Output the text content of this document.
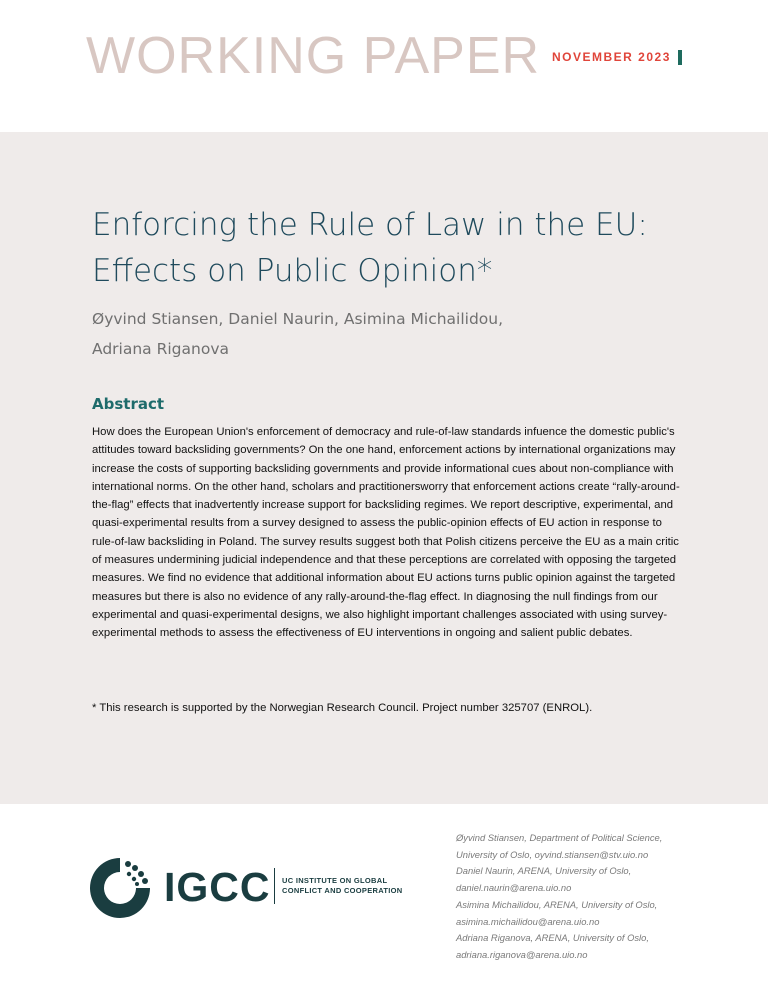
WORKING PAPER NOVEMBER 2023
Enforcing the Rule of Law in the EU:
Effects on Public Opinion*
Øyvind Stiansen, Daniel Naurin, Asimina Michailidou,
Adriana Riganova
Abstract
How does the European Union's enforcement of democracy and rule-of-law standards infuence the domestic public's attitudes toward backsliding governments? On the one hand, enforcement actions by international organizations may increase the costs of supporting backsliding governments and provide informational cues about non-compliance with international norms. On the other hand, scholars and practitionersworry that enforcement actions create “rally-around-the-flag” effects that inadvertently increase support for backsliding regimes. We report descriptive, experimental, and quasi-experimental results from a survey designed to assess the public-opinion effects of EU action in response to rule-of-law backsliding in Poland. The survey results suggest both that Polish citizens perceive the EU as a main critic of measures undermining judicial independence and that these perceptions are correlated with opposing the targeted measures. We find no evidence that additional information about EU actions turns public opinion against the targeted measures but there is also no evidence of any rally-around-the-flag effect. In diagnosing the null findings from our experimental and quasi-experimental designs, we also highlight important challenges associated with using survey-experimental methods to assess the effectiveness of EU interventions in ongoing and salient public debates.
* This research is supported by the Norwegian Research Council. Project number 325707 (ENROL).
IGCC UC INSTITUTE ON GLOBAL
CONFLICT AND COOPERATION
Øyvind Stiansen, Department of Political Science,
University of Oslo, oyvind.stiansen@stv.uio.no
Daniel Naurin, ARENA, University of Oslo,
daniel.naurin@arena.uio.no
Asimina Michailidou, ARENA, University of Oslo,
asimina.michailidou@arena.uio.no
Adriana Riganova, ARENA, University of Oslo,
adriana.riganova@arena.uio.no
